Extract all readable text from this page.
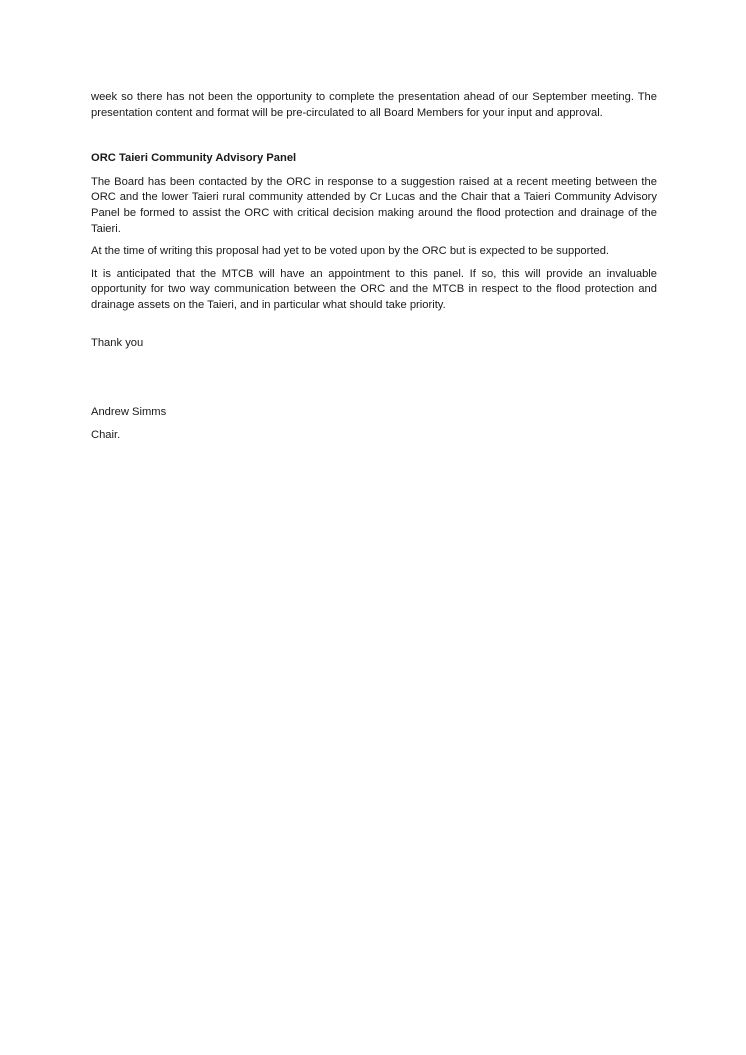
week so there has not been the opportunity to complete the presentation ahead of our September meeting. The presentation content and format will be pre-circulated to all Board Members for your input and approval.

ORC Taieri Community Advisory Panel

The Board has been contacted by the ORC in response to a suggestion raised at a recent meeting between the ORC and the lower Taieri rural community attended by Cr Lucas and the Chair that a Taieri Community Advisory Panel be formed to assist the ORC with critical decision making around the flood protection and drainage of the Taieri.

At the time of writing this proposal had yet to be voted upon by the ORC but is expected to be supported.

It is anticipated that the MTCB will have an appointment to this panel. If so, this will provide an invaluable opportunity for two way communication between the ORC and the MTCB in respect to the flood protection and drainage assets on the Taieri, and in particular what should take priority.

Thank you

Andrew Simms

Chair.
